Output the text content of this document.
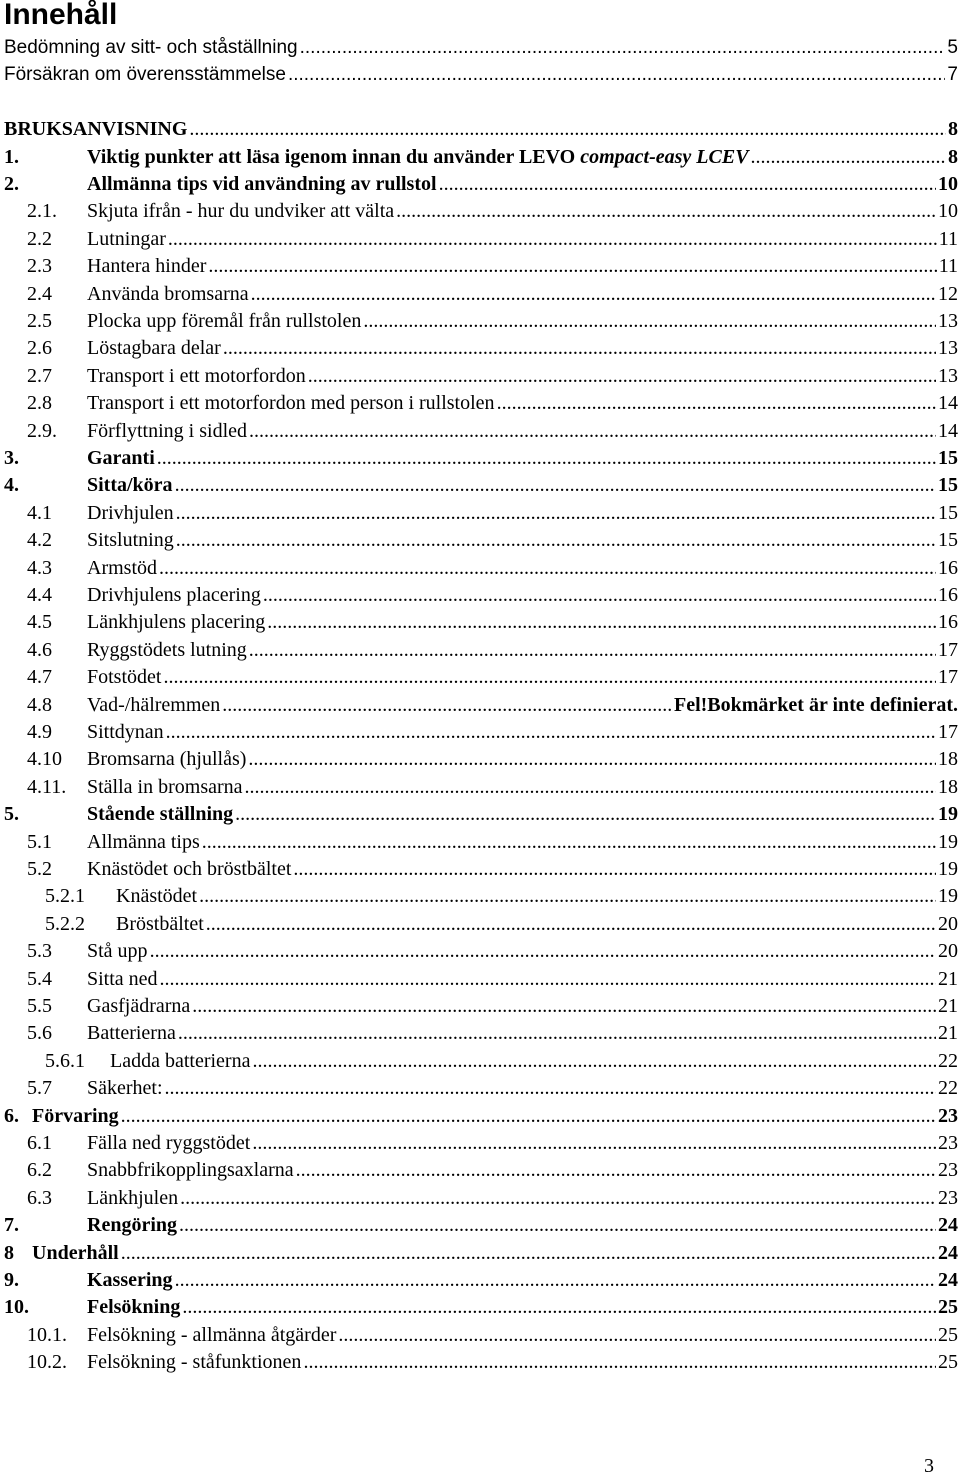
Innehåll
Bedömning av sitt- och ståställning .....	5
Försäkran om överensstämmelse .....	7
BRUKSANVISNING .....	8
1.	Viktig punkter att läsa igenom innan du använder LEVO compact-easy LCEV .....	8
2.	Allmänna tips vid användning av rullstol .....	10
2.1.	Skjuta ifrån - hur du undviker att välta .....	10
2.2	Lutningar .....	11
2.3	Hantera hinder .....	11
2.4	Använda bromsarna .....	12
2.5	Plocka upp föremål från rullstolen .....	13
2.6	Löstagbara delar .....	13
2.7	Transport i ett motorfordon .....	13
2.8	Transport i ett motorfordon med person i rullstolen .....	14
2.9.	Förflyttning i sidled .....	14
3.	Garanti .....	15
4.	Sitta/köra .....	15
4.1	Drivhjulen .....	15
4.2	Sitslutning .....	15
4.3	Armstöd .....	16
4.4	Drivhjulens placering .....	16
4.5	Länkhjulens placering .....	16
4.6	Ryggstödets lutning .....	17
4.7	Fotstödet .....	17
4.8	Vad-/hälremmen .....	Fel!Bokmärket är inte definierat.
4.9	Sittdynan .....	17
4.10	Bromsarna (hjullås) .....	18
4.11.	Ställa in bromsarna .....	18
5.	Stående ställning .....	19
5.1	Allmänna tips .....	19
5.2	Knästödet och bröstbältet .....	19
5.2.1	Knästödet .....	19
5.2.2	Bröstbältet .....	20
5.3	Stå upp .....	20
5.4	Sitta ned .....	21
5.5	Gasfjädrarna .....	21
5.6	Batterierna .....	21
5.6.1	Ladda batterierna .....	22
5.7	Säkerhet: .....	22
6. Förvaring .....	23
6.1	Fälla ned ryggstödet .....	23
6.2	Snabbfrikopplingsaxlarna .....	23
6.3	Länkhjulen .....	23
7.	Rengöring .....	24
8 Underhåll .....	24
9.	Kassering .....	24
10.	Felsökning .....	25
10.1.	Felsökning - allmänna åtgärder .....	25
10.2.	Felsökning - ståfunktionen .....	25
3
